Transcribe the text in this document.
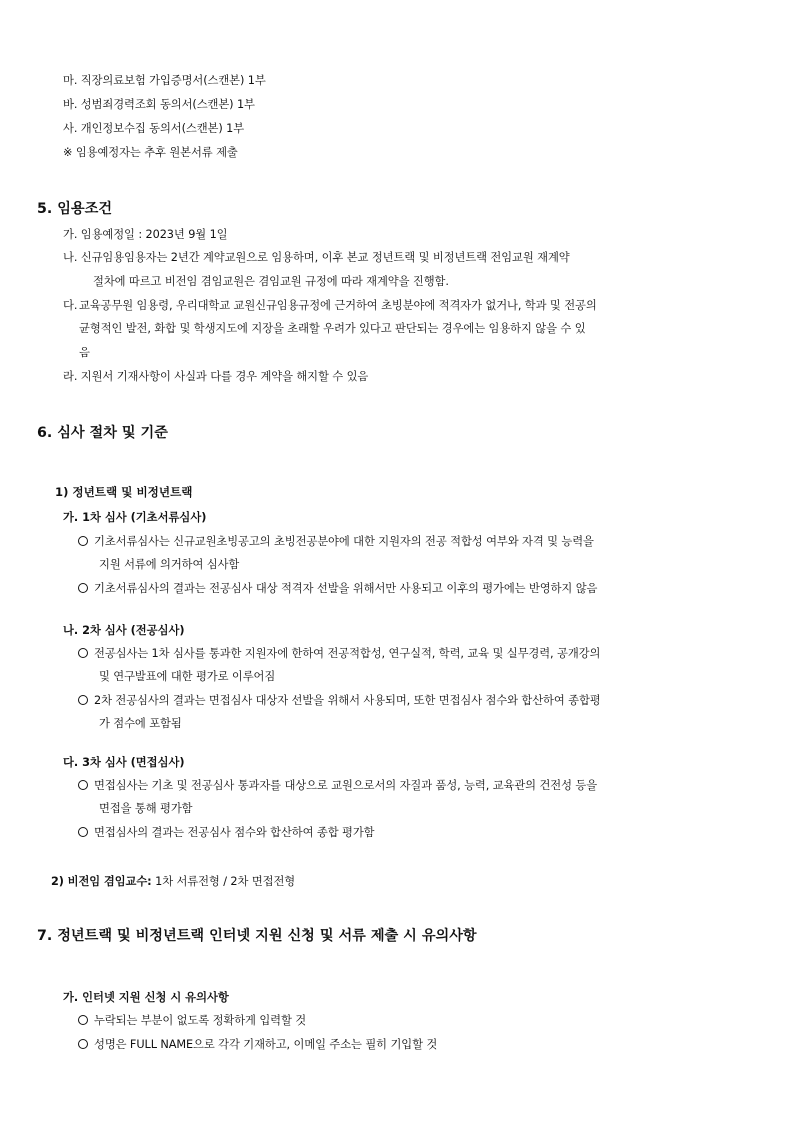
마. 직장의료보험 가입증명서(스캔본) 1부
바. 성범죄경력조회 동의서(스캔본) 1부
사. 개인정보수집 동의서(스캔본) 1부
※ 임용예정자는 추후 원본서류 제출
5. 임용조건
가. 임용예정일 : 2023년 9월 1일
나. 신규임용임용자는 2년간 계약교원으로 임용하며, 이후 본교 정년트랙 및 비정년트랙 전임교원 재계약
절차에 따르고 비전임 겸임교원은 겸임교원 규정에 따라 재계약을 진행함.
다. 교육공무원 임용령, 우리대학교 교원신규임용규정에 근거하여 초빙분야에 적격자가 없거나, 학과 및 전공의
균형적인 발전, 화합 및 학생지도에 지장을 초래할 우려가 있다고 판단되는 경우에는 임용하지 않을 수 있
음
라. 지원서 기재사항이 사실과 다를 경우 계약을 해지할 수 있음
6. 심사 절차 및 기준
1) 정년트랙 및 비정년트랙
가. 1차 심사 (기초서류심사)
기초서류심사는 신규교원초빙공고의 초빙전공분야에 대한 지원자의 전공 적합성 여부와 자격 및 능력을
지원 서류에 의거하여 심사함
기초서류심사의 결과는 전공심사 대상 적격자 선발을 위해서만 사용되고 이후의 평가에는 반영하지 않음
나. 2차 심사 (전공심사)
전공심사는 1차 심사를 통과한 지원자에 한하여 전공적합성, 연구실적, 학력, 교육 및 실무경력, 공개강의
및 연구발표에 대한 평가로 이루어짐
2차 전공심사의 결과는 면접심사 대상자 선발을 위해서 사용되며, 또한 면접심사 점수와 합산하여 종합평
가 점수에 포함됨
다. 3차 심사 (면접심사)
면접심사는 기초 및 전공심사 통과자를 대상으로 교원으로서의 자질과 품성, 능력, 교육관의 건전성 등을
면접을 통해 평가함
면접심사의 결과는 전공심사 점수와 합산하여 종합 평가함
2) 비전임 겸임교수: 1차 서류전형 / 2차 면접전형
7. 정년트랙 및 비정년트랙 인터넷 지원 신청 및 서류 제출 시 유의사항
가. 인터넷 지원 신청 시 유의사항
누락되는 부분이 없도록 정확하게 입력할 것
성명은 FULL NAME으로 각각 기재하고, 이메일 주소는 필히 기입할 것
